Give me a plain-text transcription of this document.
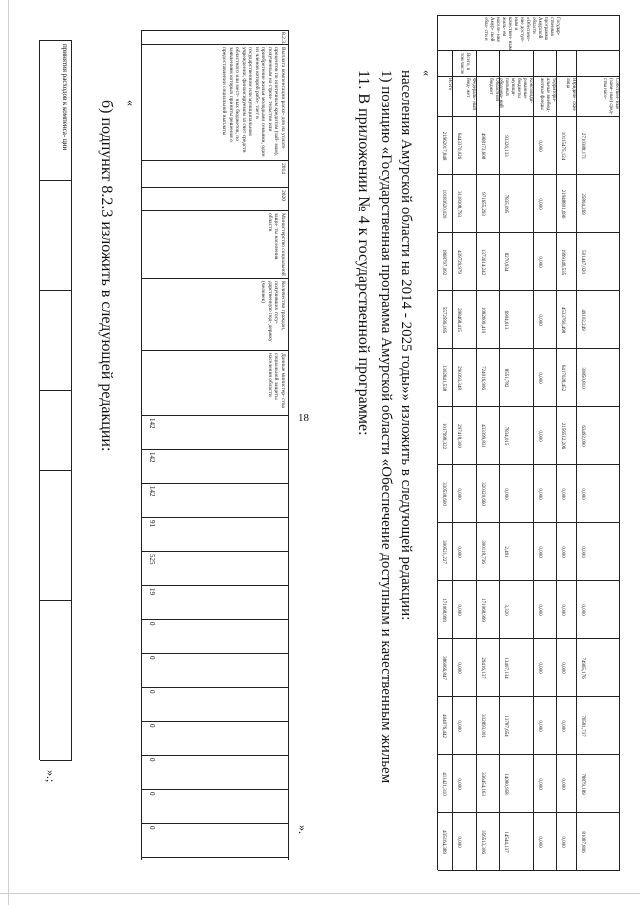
18
принятия расходов к компенса- ции
».;
б) подпункт 8.2.3 изложить в следующей редакции: «
8.2.3.
Выплата компенсации расхо- дов на уплате процентов по ипотечным кредитам (зай- мам), полученным на строи- тельство или приобретение жилья молодыми семьями, один из членов которой рабо- тает в государственном или муниципальном учреждении, финансируемом за счет средств областного или мест- ных бюджетов, по заявлениям которых приняты решения о предоставлении социальной выплаты
2014
2020
Министерство социальной защи- ты населения области
Количество граждан, получивших госу- дарственную под- держку (человек)
Данные министер- ства социальной защиты населения области
142
142
142
91
525
19
0
0
0
0
0
0
0	».
11. В приложении № 4 к государственной программе: 1) позицию «Государственная программа Амурской области «Обеспечение доступным и качественным жильем населения Амурской области на 2014 - 2025 годы»» изложить в следующей редакции: «
Государ- ственная программа Амурской области «Обеспече- ние доступ- ным и качествен- ным жиль- ем населе- ния Амур- ской обла- сти н
Всего, в том числе
Всего
21962017,848
10183620,020
1868797,092
5572599,185
1302841,538
1017998,322
330538,600
300521,227
171068,999
386066,847
404076,442
411421,310
435164,389
Федераль- ный бюд- жет
6443370,026
3118308,793
439729,979
298468,415
290393,348
297418,300
0,000
0,000
0,000
0,000
0,000
0,000
0,000
Областной бюджет
4968173,608
971655,293
1372614,242
1082609,410
724016,906
433399,831
320320,660
300118,736
171068,999
29416,137
332893,001
336454,163
356513,306
Консолиди- рованные бюджеты муници- пальных образова- ний
93326,133
7835,095
8270,934
6904,613
8551,782
7834,015
0,000
2,491
3,320
13407,134
13787,654
14080,958
14544,137
территори- альные внебюд- жетные фонды
0,000
0,000
0,000
0,000
0,000
0,000
0,000
0,000
0,000
0,000
0,000
0,000
0,000
Юридиче- ские лица
10115475,124
21948801,696
1999146,535
4533760,498
6417028,452
2156512,206
0,000
0,000
0,000
0,000
0,000
0,000
0,000
Собствен- ные (заем- ные) сред- ства насе-
2710388,171
25804,269
501447,020
49102,249
30850,810
63492,090
0,000
0,000
0,000
74965,176
76581,737
78879,189
81087,806
